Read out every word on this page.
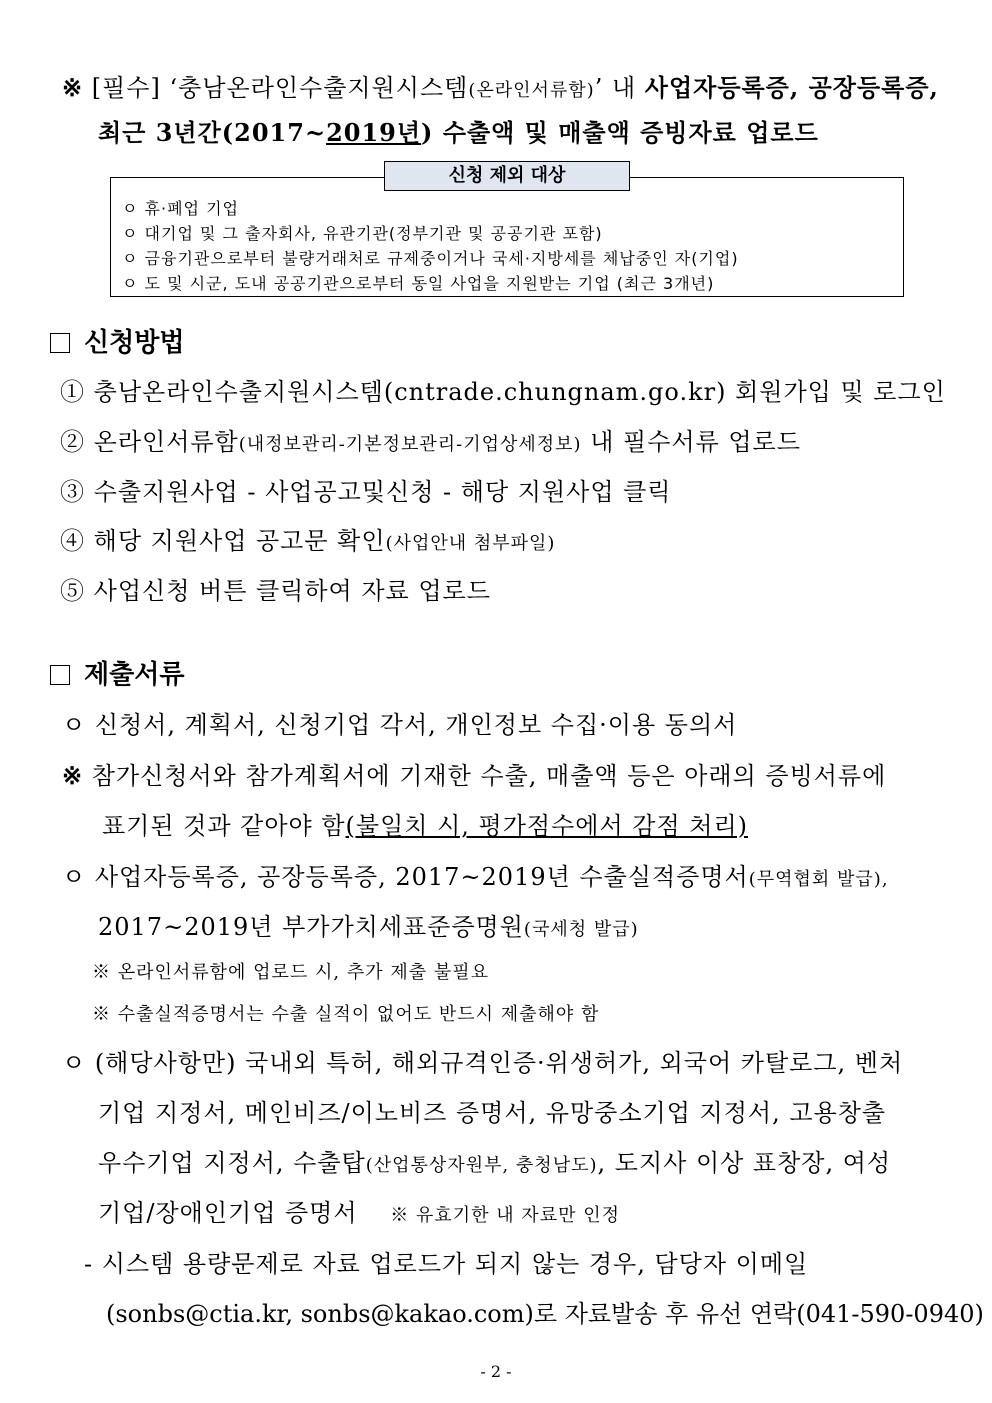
※ [필수] ‘충남온라인수출지원시스템(온라인서류함)’ 내 사업자등록증, 공장등록증,
최근 3년간(2017~2019년) 수출액 및 매출액 증빙자료 업로드
신청 제외 대상
ㅇ 휴·폐업 기업
ㅇ 대기업 및 그 출자회사, 유관기관(정부기관 및 공공기관 포함)
ㅇ 금융기관으로부터 불량거래처로 규제중이거나 국세·지방세를 체납중인 자(기업)
ㅇ 도 및 시군, 도내 공공기관으로부터 동일 사업을 지원받는 기업 (최근 3개년)
신청방법
① 충남온라인수출지원시스템(cntrade.chungnam.go.kr) 회원가입 및 로그인
② 온라인서류함(내정보관리-기본정보관리-기업상세정보) 내 필수서류 업로드
③ 수출지원사업 - 사업공고및신청 - 해당 지원사업 클릭
④ 해당 지원사업 공고문 확인(사업안내 첨부파일)
⑤ 사업신청 버튼 클릭하여 자료 업로드
제출서류
ㅇ 신청서, 계획서, 신청기업 각서, 개인정보 수집·이용 동의서
※ 참가신청서와 참가계획서에 기재한 수출, 매출액 등은 아래의 증빙서류에
표기된 것과 같아야 함(불일치 시, 평가점수에서 감점 처리)
ㅇ 사업자등록증, 공장등록증, 2017~2019년 수출실적증명서(무역협회 발급),
2017~2019년 부가가치세표준증명원(국세청 발급)
※ 온라인서류함에 업로드 시, 추가 제출 불필요
※ 수출실적증명서는 수출 실적이 없어도 반드시 제출해야 함
ㅇ (해당사항만) 국내외 특허, 해외규격인증·위생허가, 외국어 카탈로그, 벤처
기업 지정서, 메인비즈/이노비즈 증명서, 유망중소기업 지정서, 고용창출
우수기업 지정서, 수출탑(산업통상자원부, 충청남도), 도지사 이상 표창장, 여성
기업/장애인기업 증명서 ※ 유효기한 내 자료만 인정
- 시스템 용량문제로 자료 업로드가 되지 않는 경우, 담당자 이메일
(sonbs@ctia.kr, sonbs@kakao.com)로 자료발송 후 유선 연락(041-590-0940)
- 2 -
